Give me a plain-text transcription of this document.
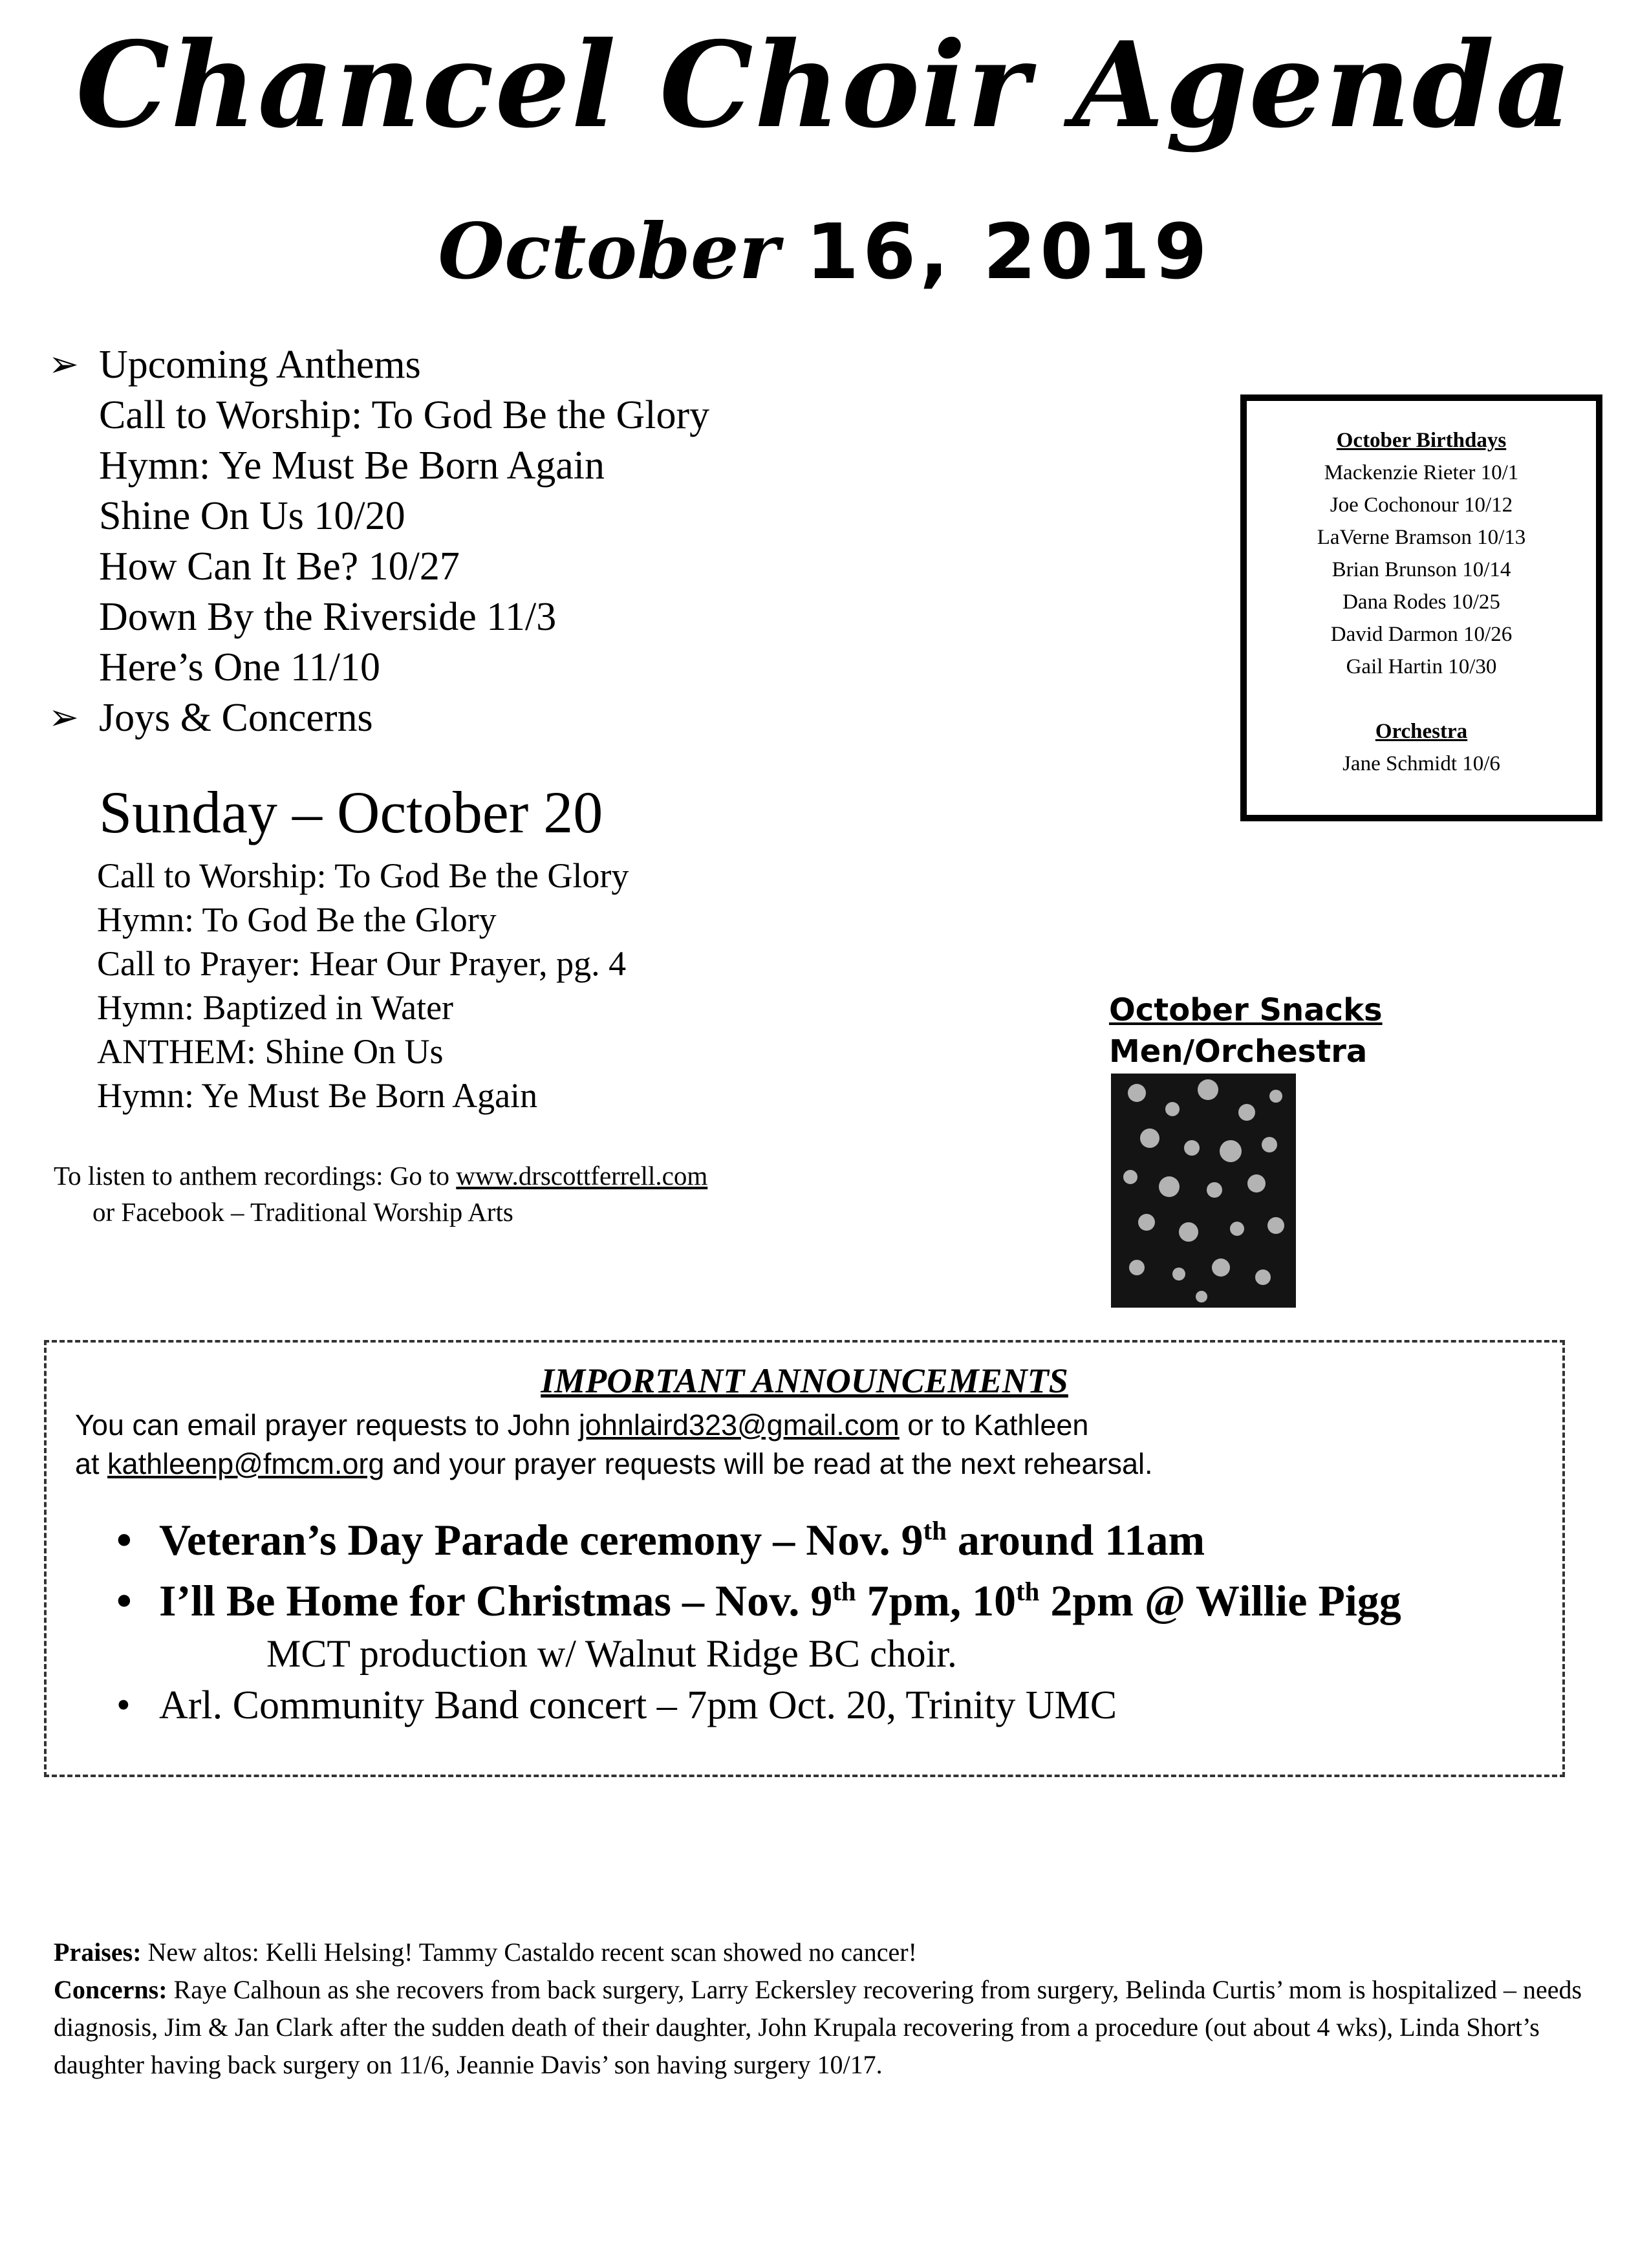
Chancel Choir Agenda
October 16, 2019
➢ Upcoming Anthems
Call to Worship: To God Be the Glory
Hymn: Ye Must Be Born Again
Shine On Us 10/20
How Can It Be? 10/27
Down By the Riverside 11/3
Here’s One 11/10
➢ Joys & Concerns
Sunday – October 20
Call to Worship: To God Be the Glory
Hymn: To God Be the Glory
Call to Prayer: Hear Our Prayer, pg. 4
Hymn: Baptized in Water
ANTHEM: Shine On Us
Hymn: Ye Must Be Born Again
To listen to anthem recordings: Go to www.drscottferrell.com
or Facebook – Traditional Worship Arts
October Birthdays
Mackenzie Rieter 10/1
Joe Cochonour 10/12
LaVerne Bramson 10/13
Brian Brunson 10/14
Dana Rodes 10/25
David Darmon 10/26
Gail Hartin 10/30
Orchestra
Jane Schmidt 10/6
October Snacks
Men/Orchestra
IMPORTANT ANNOUNCEMENTS
You can email prayer requests to John johnlaird323@gmail.com or to Kathleen
at kathleenp@fmcm.org and your prayer requests will be read at the next rehearsal.
• Veteran’s Day Parade ceremony – Nov. 9th around 11am
• I’ll Be Home for Christmas – Nov. 9th 7pm, 10th 2pm @ Willie Pigg
MCT production w/ Walnut Ridge BC choir.
• Arl. Community Band concert – 7pm Oct. 20, Trinity UMC
Praises: New altos: Kelli Helsing! Tammy Castaldo recent scan showed no cancer!
Concerns: Raye Calhoun as she recovers from back surgery, Larry Eckersley recovering from surgery, Belinda Curtis’ mom is hospitalized – needs diagnosis, Jim & Jan Clark after the sudden death of their daughter, John Krupala recovering from a procedure (out about 4 wks), Linda Short’s daughter having back surgery on 11/6, Jeannie Davis’ son having surgery 10/17.
